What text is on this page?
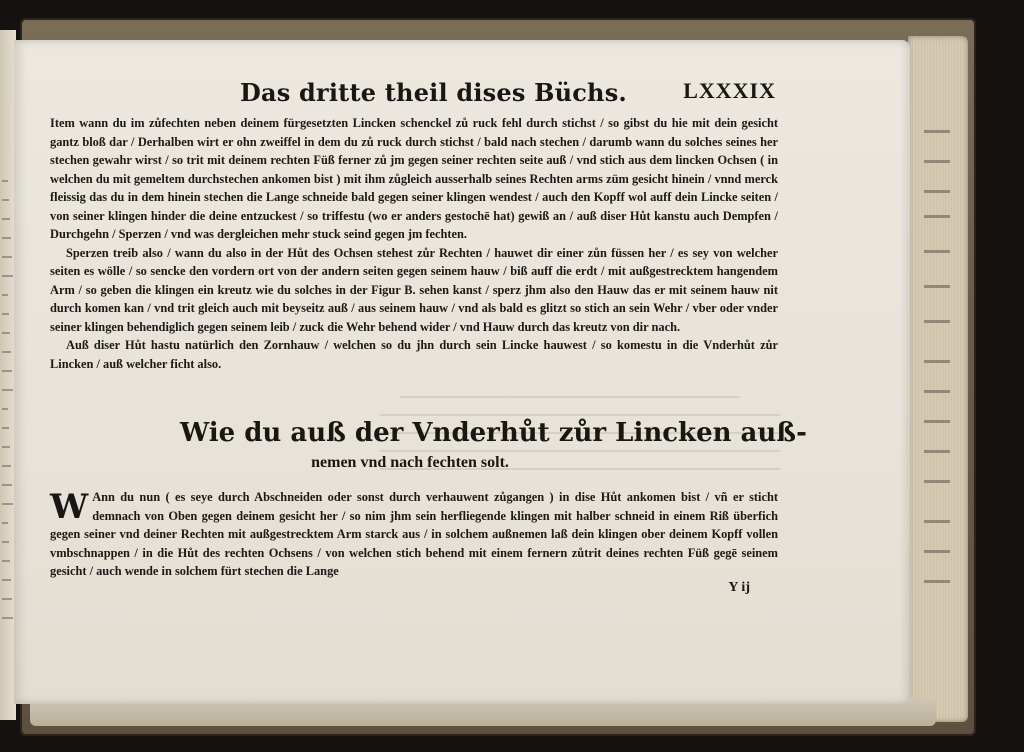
Das dritte theil dises Büchs.	LXXXIX

Item wann du im zůfechten neben deinem fürgesetzten Lincken schenckel zů ruck fehl durch stichst / so gibst du hie mit dein gesicht gantz bloß dar / Derhalben wirt er ohn zweiffel in dem du zů ruck durch stichst / bald nach stechen / darumb wann du solches seines her stechen gewahr wirst / so trit mit deinem rechten Füß ferner zů jm gegen seiner rechten seite auß / vnd stich aus dem lincken Ochsen ( in welchen du mit gemeltem durchstechen ankomen bist ) mit ihm zůgleich ausserhalb seines Rechten arms züm gesicht hinein / vnnd merck fleissig das du in dem hinein stechen die Lange schneide bald gegen seiner klingen wendest / auch den Kopff wol auff dein Lincke seiten / von seiner klingen hinder die deine entzuckest / so triffestu (wo er anders gestochē hat) gewiß an / auß diser Hůt kanstu auch Dempfen / Durchgehn / Sperzen / vnd was dergleichen mehr stuck seind gegen jm fechten.

Sperzen treib also / wann du also in der Hůt des Ochsen stehest zůr Rechten / hauwet dir einer zůn füssen her / es sey von welcher seiten es wölle / so sencke den vordern ort von der andern seiten gegen seinem hauw / biß auff die erdt / mit außgestrecktem hangendem Arm / so geben die klingen ein kreutz wie du solches in der Figur B. sehen kanst / sperz jhm also den Hauw das er mit seinem hauw nit durch komen kan / vnd trit gleich auch mit beyseitz auß / aus seinem hauw / vnd als bald es glitzt so stich an sein Wehr / vber oder vnder seiner klingen behendiglich gegen seinem leib / zuck die Wehr behend wider / vnd Hauw durch das kreutz von dir nach.

Auß diser Hůt hastu natürlich den Zornhauw / welchen so du jhn durch sein Lincke hauwest / so komestu in die Vnderhůt zůr Lincken / auß welcher ficht also.

Wie du auß der Vnderhůt zůr Lincken auß-
nemen vnd nach fechten solt.
W Ann du nun ( es seye durch Abschneiden oder sonst durch verhauwent zůgangen ) in dise Hůt ankomen bist / vñ er sticht demnach von Oben gegen deinem gesicht her / so nim jhm sein herfliegende klingen mit halber schneid in einem Riß überfich gegen seiner vnd deiner Rechten mit außgestrecktem Arm starck aus / in solchem außnemen laß dein klingen ober deinem Kopff vollen vmbschnappen / in die Hůt des rechten Ochsens / von welchen stich behend mit einem fernern zůtrit deines rechten Füß gegē seinem gesicht / auch wende in solchem fürt stechen die Lange

Y ij
